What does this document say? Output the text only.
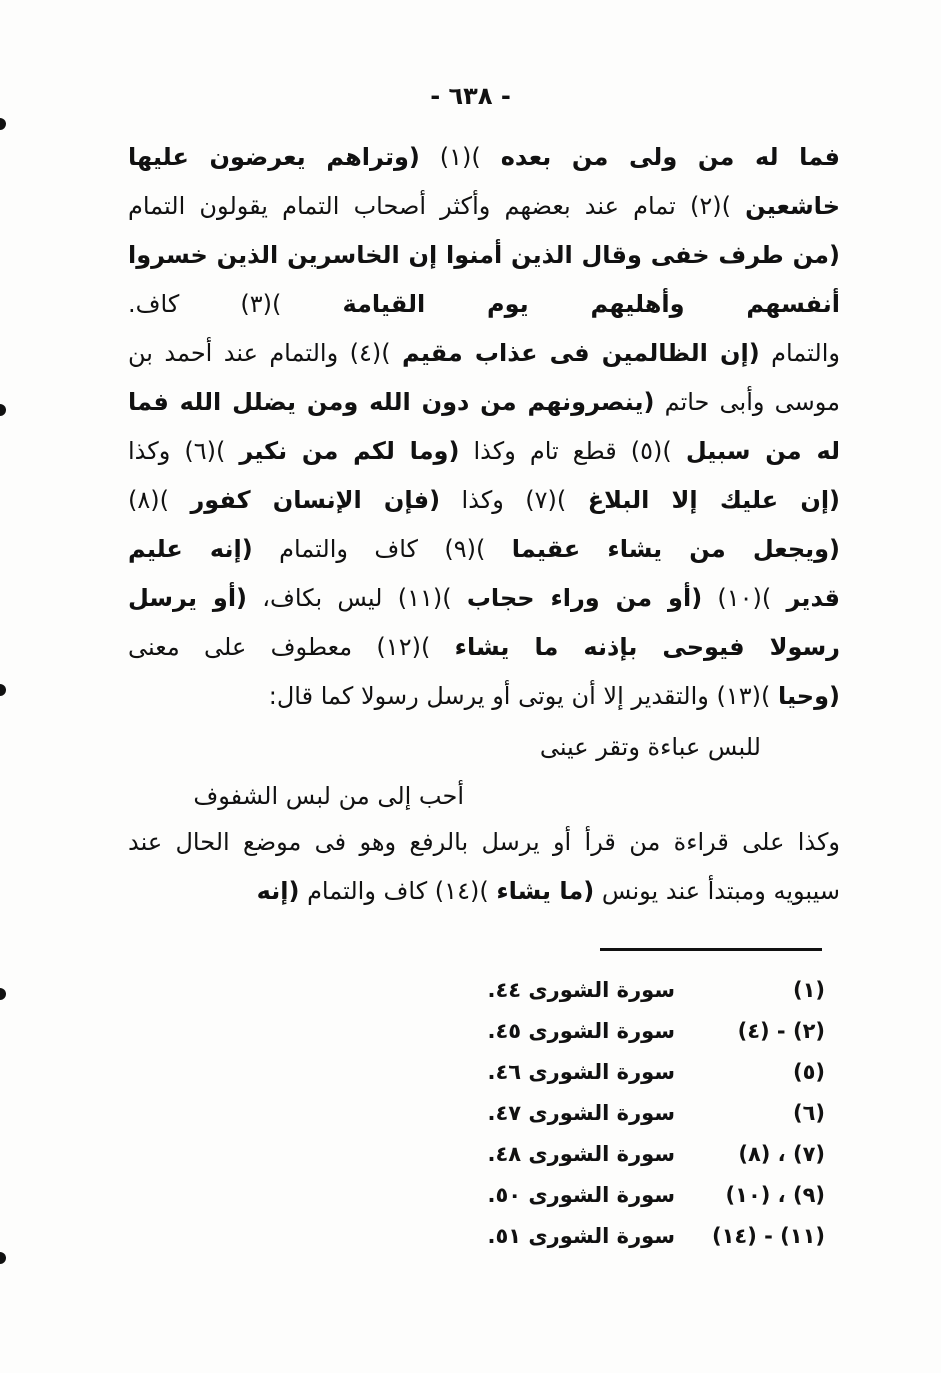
- ٦٣٨ -
فما له من ولى من بعده )(١) (وتراهم يعرضون عليها
خاشعين )(٢) تمام عند بعضهم وأكثر أصحاب التمام يقولون التمام
(من طرف خفى وقال الذين أمنوا إن الخاسرين الذين خسروا
أنفسهم وأهليهم يوم القيامة )(٣) كاف.
والتمام (إن الظالمين فى عذاب مقيم )(٤) والتمام عند أحمد بن
موسى وأبى حاتم (ينصرونهم من دون الله ومن يضلل الله فما
له من سبيل )(٥) قطع تام وكذا (وما لكم من نكير )(٦) وكذا
(إن عليك إلا البلاغ )(٧) وكذا (فإن الإنسان كفور )(٨)
(ويجعل من يشاء عقيما )(٩) كاف والتمام (إنه عليم
قدير )(١٠) (أو من وراء حجاب )(١١) ليس بكاف، (أو يرسل
رسولا فيوحى بإذنه ما يشاء )(١٢) معطوف على معنى
(وحيا )(١٣) والتقدير إلا أن يوتى أو يرسل رسولا كما قال:
للبس عباءة وتقر عينى
أحب إلى من لبس الشفوف
وكذا على قراءة من قرأ أو يرسل بالرفع وهو فى موضع الحال عند
سيبويه ومبتدأ عند يونس (ما يشاء )(١٤) كاف والتمام (إنه
(١)
سورة الشورى ٤٤.
(٢) - (٤)
سورة الشورى ٤٥.
(٥)
سورة الشورى ٤٦.
(٦)
سورة الشورى ٤٧.
(٧) ، (٨)
سورة الشورى ٤٨.
(٩) ، (١٠)
سورة الشورى ٥٠.
(١١) - (١٤)
سورة الشورى ٥١.
